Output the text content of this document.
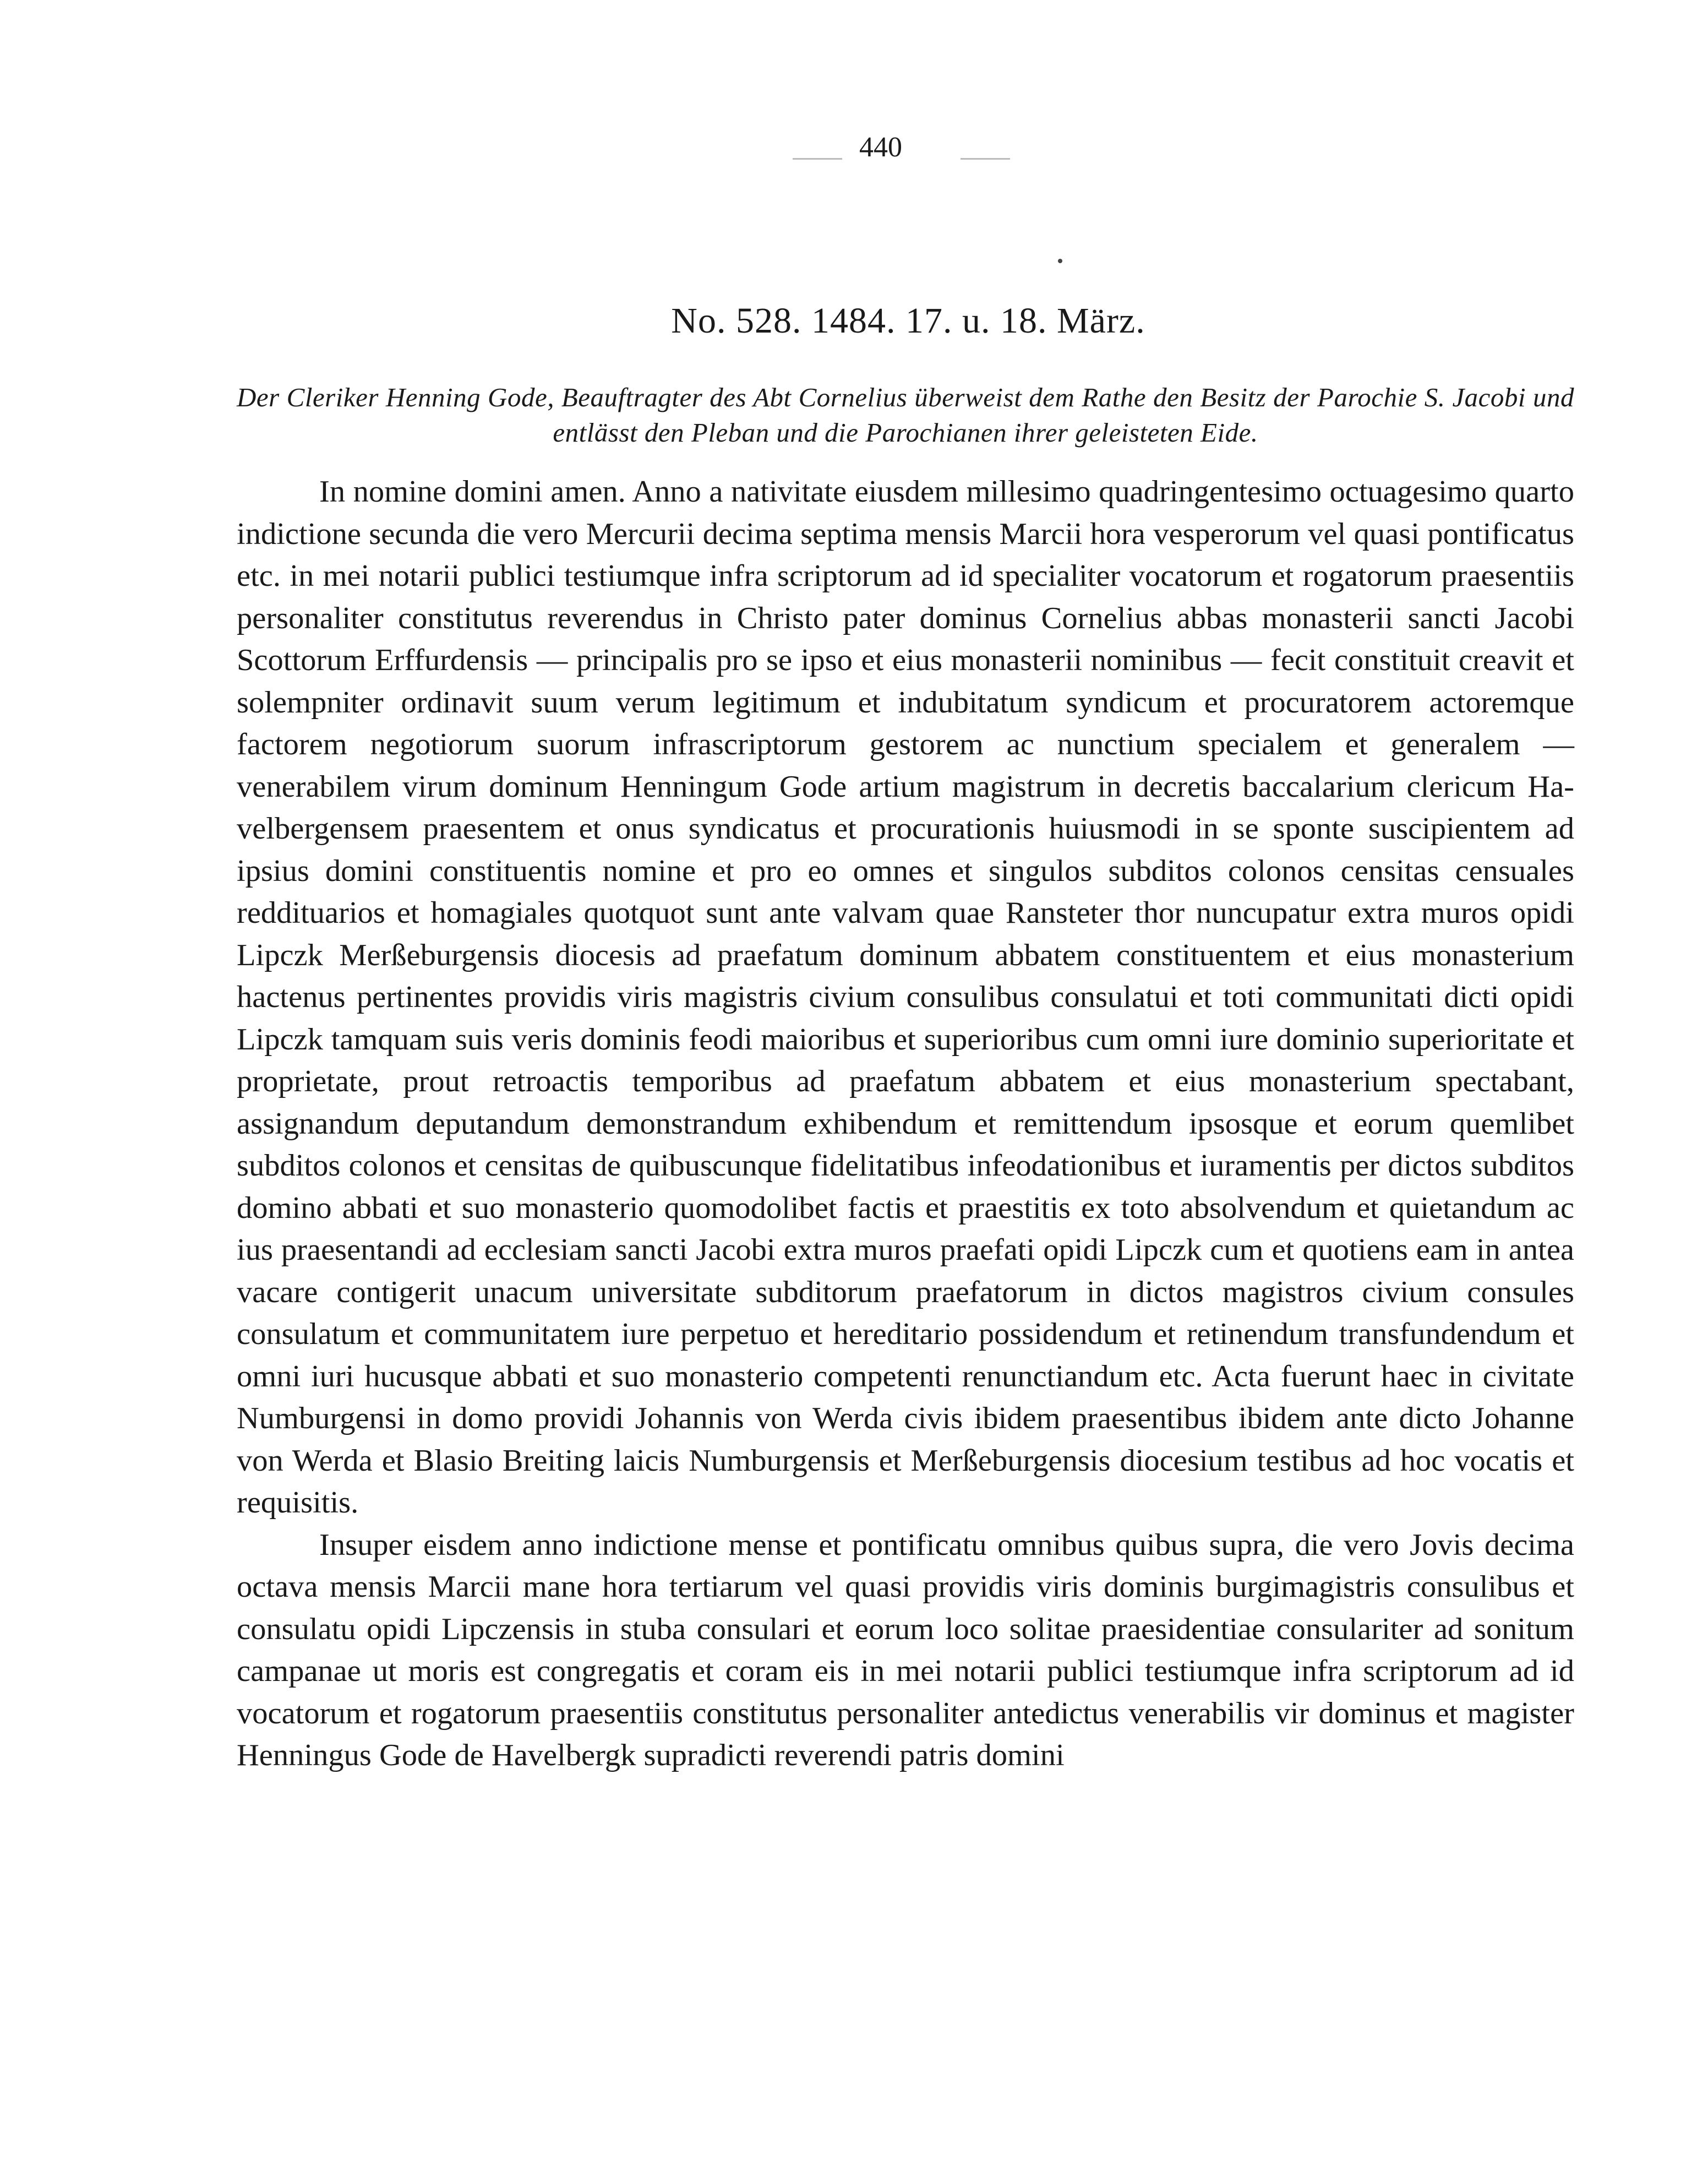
440
No. 528. 1484. 17. u. 18. März.
Der Cleriker Henning Gode, Beauftragter des Abt Cornelius überweist dem Rathe den Besitz der Parochie S. Jacobi und entlässt den Pleban und die Parochianen ihrer geleisteten Eide.

In nomine domini amen. Anno a nativitate eiusdem millesimo quadringentesimo octuagesimo quarto indictione secunda die vero Mercurii decima septima mensis Marcii hora vesperorum vel quasi pontificatus etc. in mei notarii publici testiumque infra scriptorum ad id specialiter vocatorum et rogatorum praesentiis personaliter constitutus reverendus in Christo pater dominus Cornelius abbas monasterii sancti Jacobi Scottorum Erffurdensis — principalis pro se ipso et eius monasterii nominibus — fecit constituit creavit et solempniter ordinavit suum verum legitimum et indubitatum syndicum et procuratorem actoremque factorem negotiorum suorum infrascriptorum gestorem ac nunctium specialem et generalem — venerabilem virum dominum Henningum Gode artium magistrum in decretis baccalarium clericum Havelbergensem praesentem et onus syndicatus et procurationis huiusmodi in se sponte suscipientem ad ipsius domini constituentis nomine et pro eo omnes et singulos subditos colonos censitas censuales reddituarios et homagiales quotquot sunt ante valvam quae Ransteter thor nuncupatur extra muros opidi Lipczk Merßeburgensis diocesis ad praefatum dominum abbatem constituentem et eius monasterium hactenus pertinentes providis viris magistris civium consulibus consulatui et toti communitati dicti opidi Lipczk tamquam suis veris dominis feodi maioribus et superioribus cum omni iure dominio superioritate et proprietate, prout retroactis temporibus ad praefatum abbatem et eius monasterium spectabant, assignandum deputandum demonstrandum exhibendum et remittendum ipsosque et eorum quemlibet subditos colonos et censitas de quibuscunque fidelitatibus infeodationibus et iuramentis per dictos subditos domino abbati et suo monasterio quomodolibet factis et praestitis ex toto absolvendum et quietandum ac ius praesentandi ad ecclesiam sancti Jacobi extra muros praefati opidi Lipczk cum et quotiens eam in antea vacare contigerit unacum universitate subditorum praefatorum in dictos magistros civium consules consulatum et communitatem iure perpetuo et hereditario possidendum et retinendum transfundendum et omni iuri hucusque abbati et suo monasterio competenti renunctiandum etc. Acta fuerunt haec in civitate Numburgensi in domo providi Johannis von Werda civis ibidem praesentibus ibidem ante dicto Johanne von Werda et Blasio Breiting laicis Numburgensis et Merßeburgensis diocesium testibus ad hoc vocatis et requisitis.

Insuper eisdem anno indictione mense et pontificatu omnibus quibus supra, die vero Jovis decima octava mensis Marcii mane hora tertiarum vel quasi providis viris dominis burgimagistris consulibus et consulatu opidi Lipczensis in stuba consulari et eorum loco solitae praesidentiae consulariter ad sonitum campanae ut moris est congregatis et coram eis in mei notarii publici testiumque infra scriptorum ad id vocatorum et rogatorum praesentiis constitutus personaliter antedictus venerabilis vir dominus et magister Henningus Gode de Havelbergk supradicti reverendi patris domini
